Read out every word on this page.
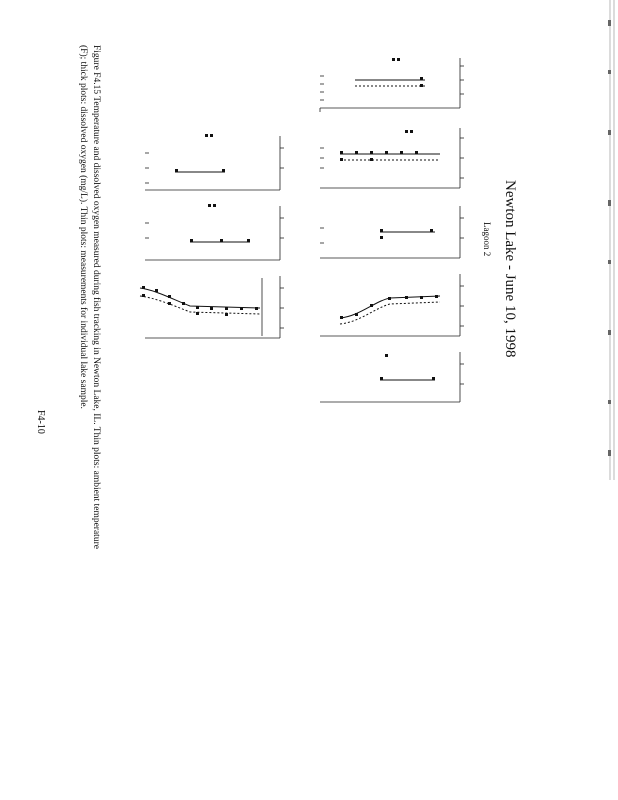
Newton Lake - June 10, 1998
Lagoon 2
Figure F4.15 Temperature and dissolved oxygen measured during fish tracking in Newton Lake, IL. Thin plots: ambient temperature
(F); thick plots: dissolved oxygen (mg/L). Thin plots: measurements for individual lake sample.
F4-10
